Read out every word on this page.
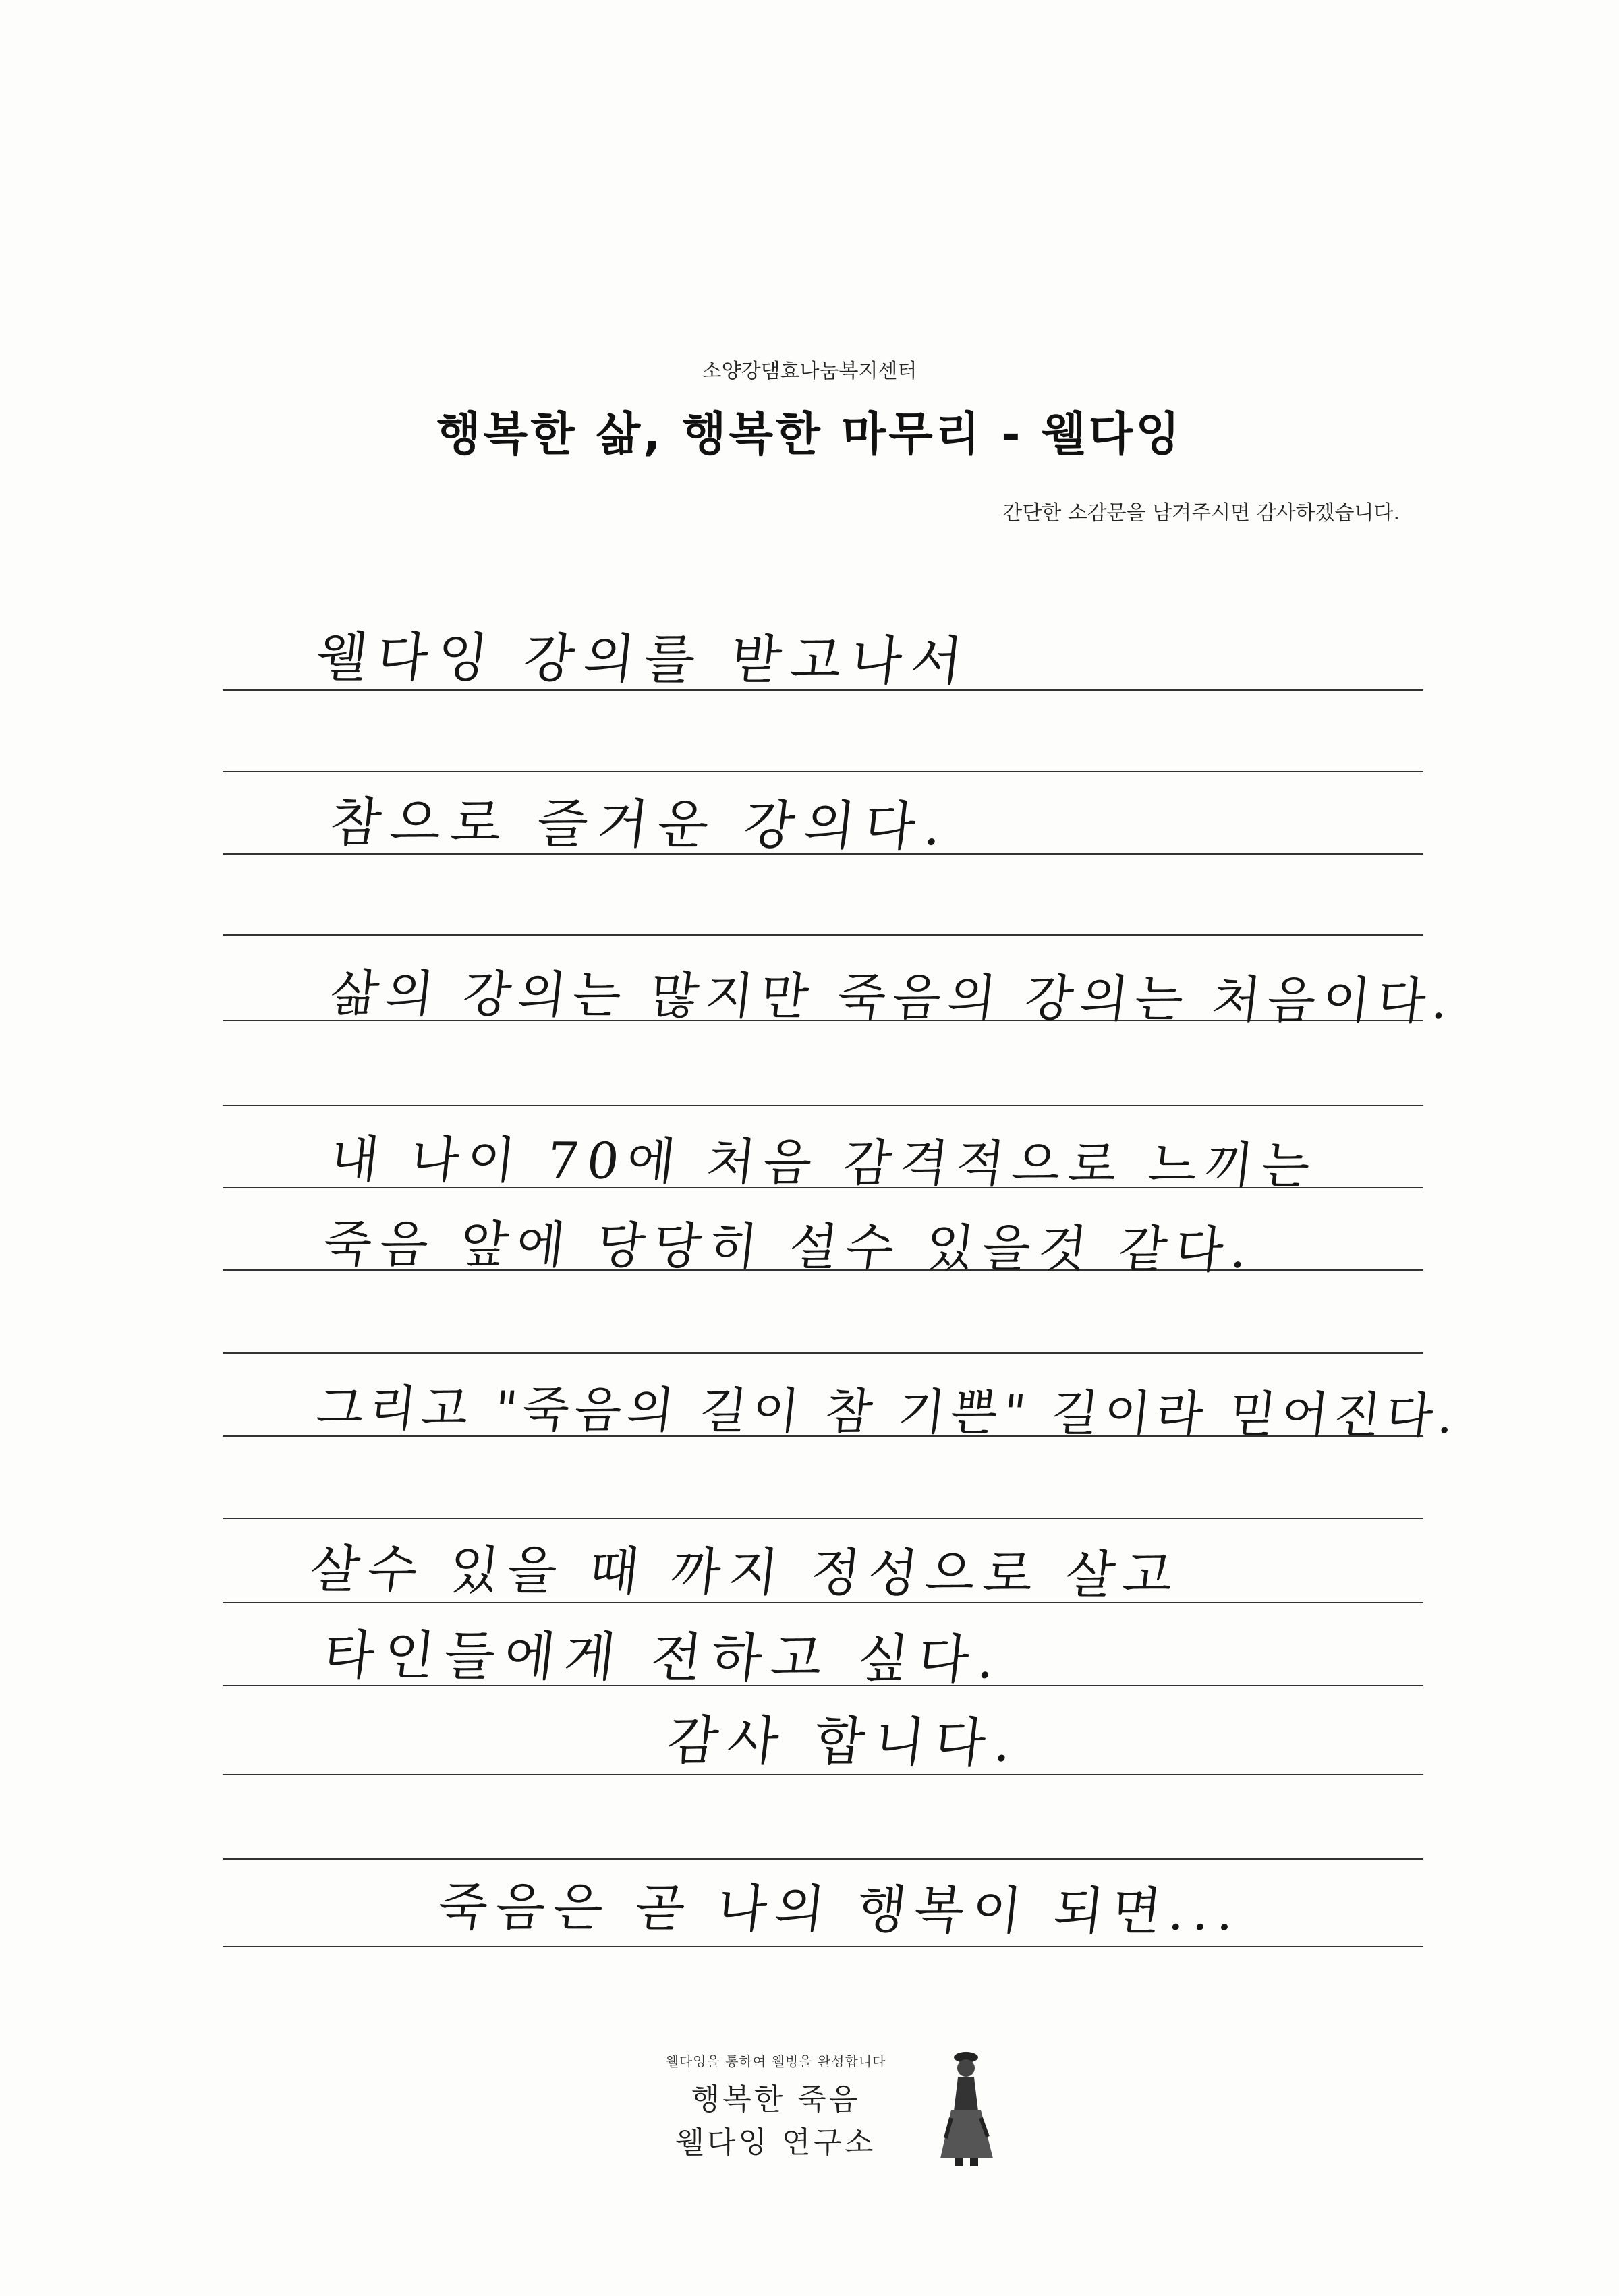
소양강댐효나눔복지센터
행복한 삶, 행복한 마무리 - 웰다잉
간단한 소감문을 남겨주시면 감사하겠습니다.
웰다잉 강의를 받고나서
참으로 즐거운 강의다.
삶의 강의는 많지만 죽음의 강의는 처음이다.
내 나이 70에 처음 감격적으로 느끼는
죽음 앞에 당당히 설수 있을것 같다.
그리고 "죽음의 길이 참 기쁜" 길이라 믿어진다.
살수 있을 때 까지 정성으로 살고
타인들에게 전하고 싶다.
감사 합니다.
죽음은 곧 나의 행복이 되면...
웰다잉을 통하여 웰빙을 완성합니다
행복한 죽음
웰다잉 연구소
